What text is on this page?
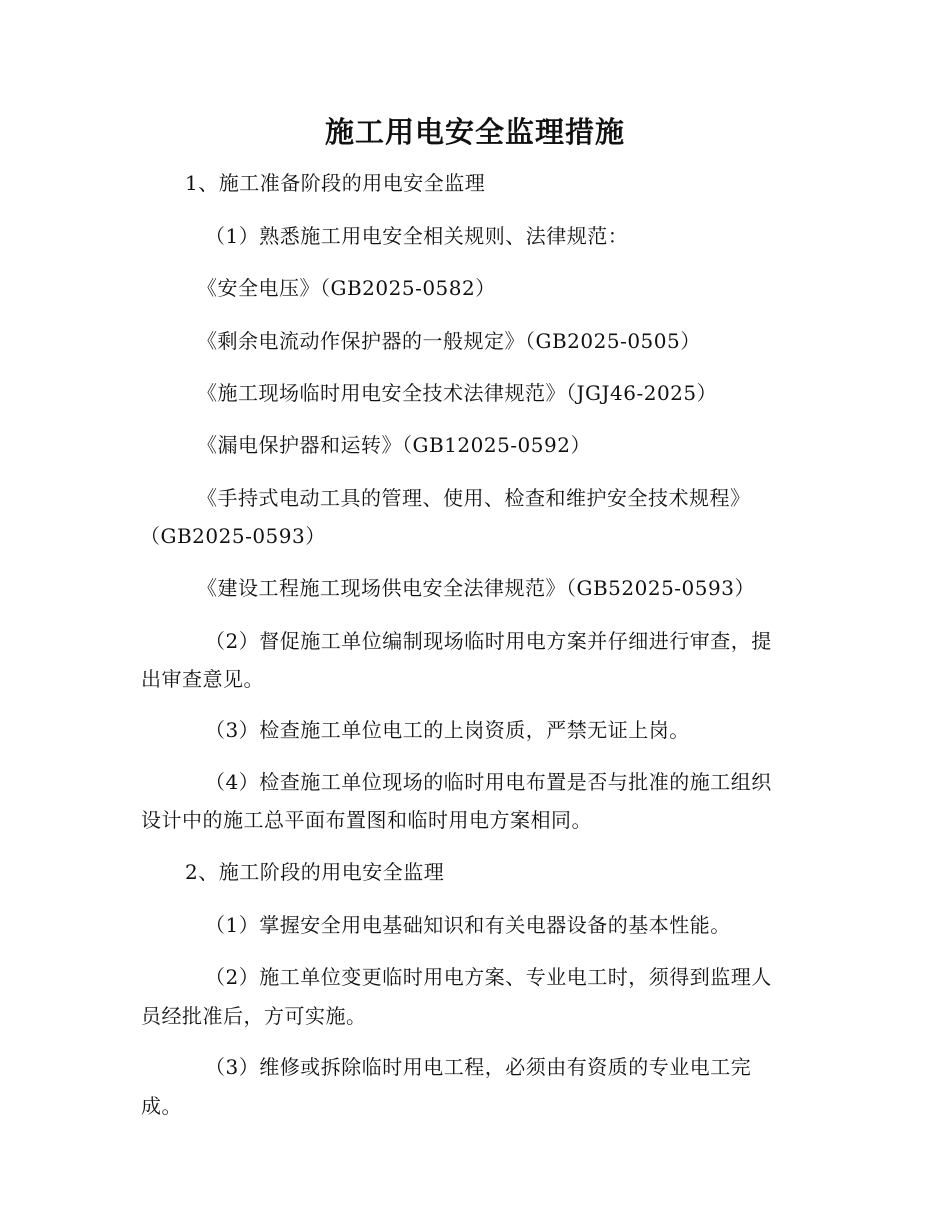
施工用电安全监理措施
1、施工准备阶段的用电安全监理
（1）熟悉施工用电安全相关规则、法律规范：
《安全电压》（GB2025-0582）
《剩余电流动作保护器的一般规定》（GB2025-0505）
《施工现场临时用电安全技术法律规范》（JGJ46-2025）
《漏电保护器和运转》（GB12025-0592）
《手持式电动工具的管理、使用、检查和维护安全技术规程》
（GB2025-0593）
《建设工程施工现场供电安全法律规范》（GB52025-0593）
（2）督促施工单位编制现场临时用电方案并仔细进行审查，提
出审查意见。
（3）检查施工单位电工的上岗资质，严禁无证上岗。
（4）检查施工单位现场的临时用电布置是否与批准的施工组织
设计中的施工总平面布置图和临时用电方案相同。
2、施工阶段的用电安全监理
（1）掌握安全用电基础知识和有关电器设备的基本性能。
（2）施工单位变更临时用电方案、专业电工时，须得到监理人
员经批准后，方可实施。
（3）维修或拆除临时用电工程，必须由有资质的专业电工完
成。
